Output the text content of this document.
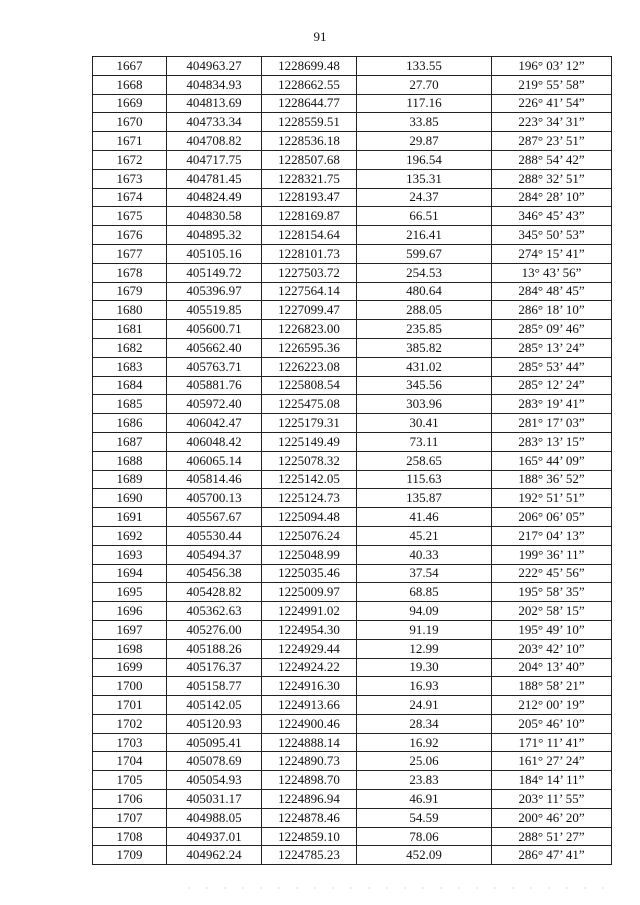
91
1667	404963.27	1228699.48	133.55	196° 03’ 12”
1668	404834.93	1228662.55	27.70	219° 55’ 58”
1669	404813.69	1228644.77	117.16	226° 41’ 54”
1670	404733.34	1228559.51	33.85	223° 34’ 31”
1671	404708.82	1228536.18	29.87	287° 23’ 51”
1672	404717.75	1228507.68	196.54	288° 54’ 42”
1673	404781.45	1228321.75	135.31	288° 32’ 51”
1674	404824.49	1228193.47	24.37	284° 28’ 10”
1675	404830.58	1228169.87	66.51	346° 45’ 43”
1676	404895.32	1228154.64	216.41	345° 50’ 53”
1677	405105.16	1228101.73	599.67	274° 15’ 41”
1678	405149.72	1227503.72	254.53	13° 43’ 56”
1679	405396.97	1227564.14	480.64	284° 48’ 45”
1680	405519.85	1227099.47	288.05	286° 18’ 10”
1681	405600.71	1226823.00	235.85	285° 09’ 46”
1682	405662.40	1226595.36	385.82	285° 13’ 24”
1683	405763.71	1226223.08	431.02	285° 53’ 44”
1684	405881.76	1225808.54	345.56	285° 12’ 24”
1685	405972.40	1225475.08	303.96	283° 19’ 41”
1686	406042.47	1225179.31	30.41	281° 17’ 03”
1687	406048.42	1225149.49	73.11	283° 13’ 15”
1688	406065.14	1225078.32	258.65	165° 44’ 09”
1689	405814.46	1225142.05	115.63	188° 36’ 52”
1690	405700.13	1225124.73	135.87	192° 51’ 51”
1691	405567.67	1225094.48	41.46	206° 06’ 05”
1692	405530.44	1225076.24	45.21	217° 04’ 13”
1693	405494.37	1225048.99	40.33	199° 36’ 11”
1694	405456.38	1225035.46	37.54	222° 45’ 56”
1695	405428.82	1225009.97	68.85	195° 58’ 35”
1696	405362.63	1224991.02	94.09	202° 58’ 15”
1697	405276.00	1224954.30	91.19	195° 49’ 10”
1698	405188.26	1224929.44	12.99	203° 42’ 10”
1699	405176.37	1224924.22	19.30	204° 13’ 40”
1700	405158.77	1224916.30	16.93	188° 58’ 21”
1701	405142.05	1224913.66	24.91	212° 00’ 19”
1702	405120.93	1224900.46	28.34	205° 46’ 10”
1703	405095.41	1224888.14	16.92	171° 11’ 41”
1704	405078.69	1224890.73	25.06	161° 27’ 24”
1705	405054.93	1224898.70	23.83	184° 14’ 11”
1706	405031.17	1224896.94	46.91	203° 11’ 55”
1707	404988.05	1224878.46	54.59	200° 46’ 20”
1708	404937.01	1224859.10	78.06	288° 51’ 27”
1709	404962.24	1224785.23	452.09	286° 47’ 41”
